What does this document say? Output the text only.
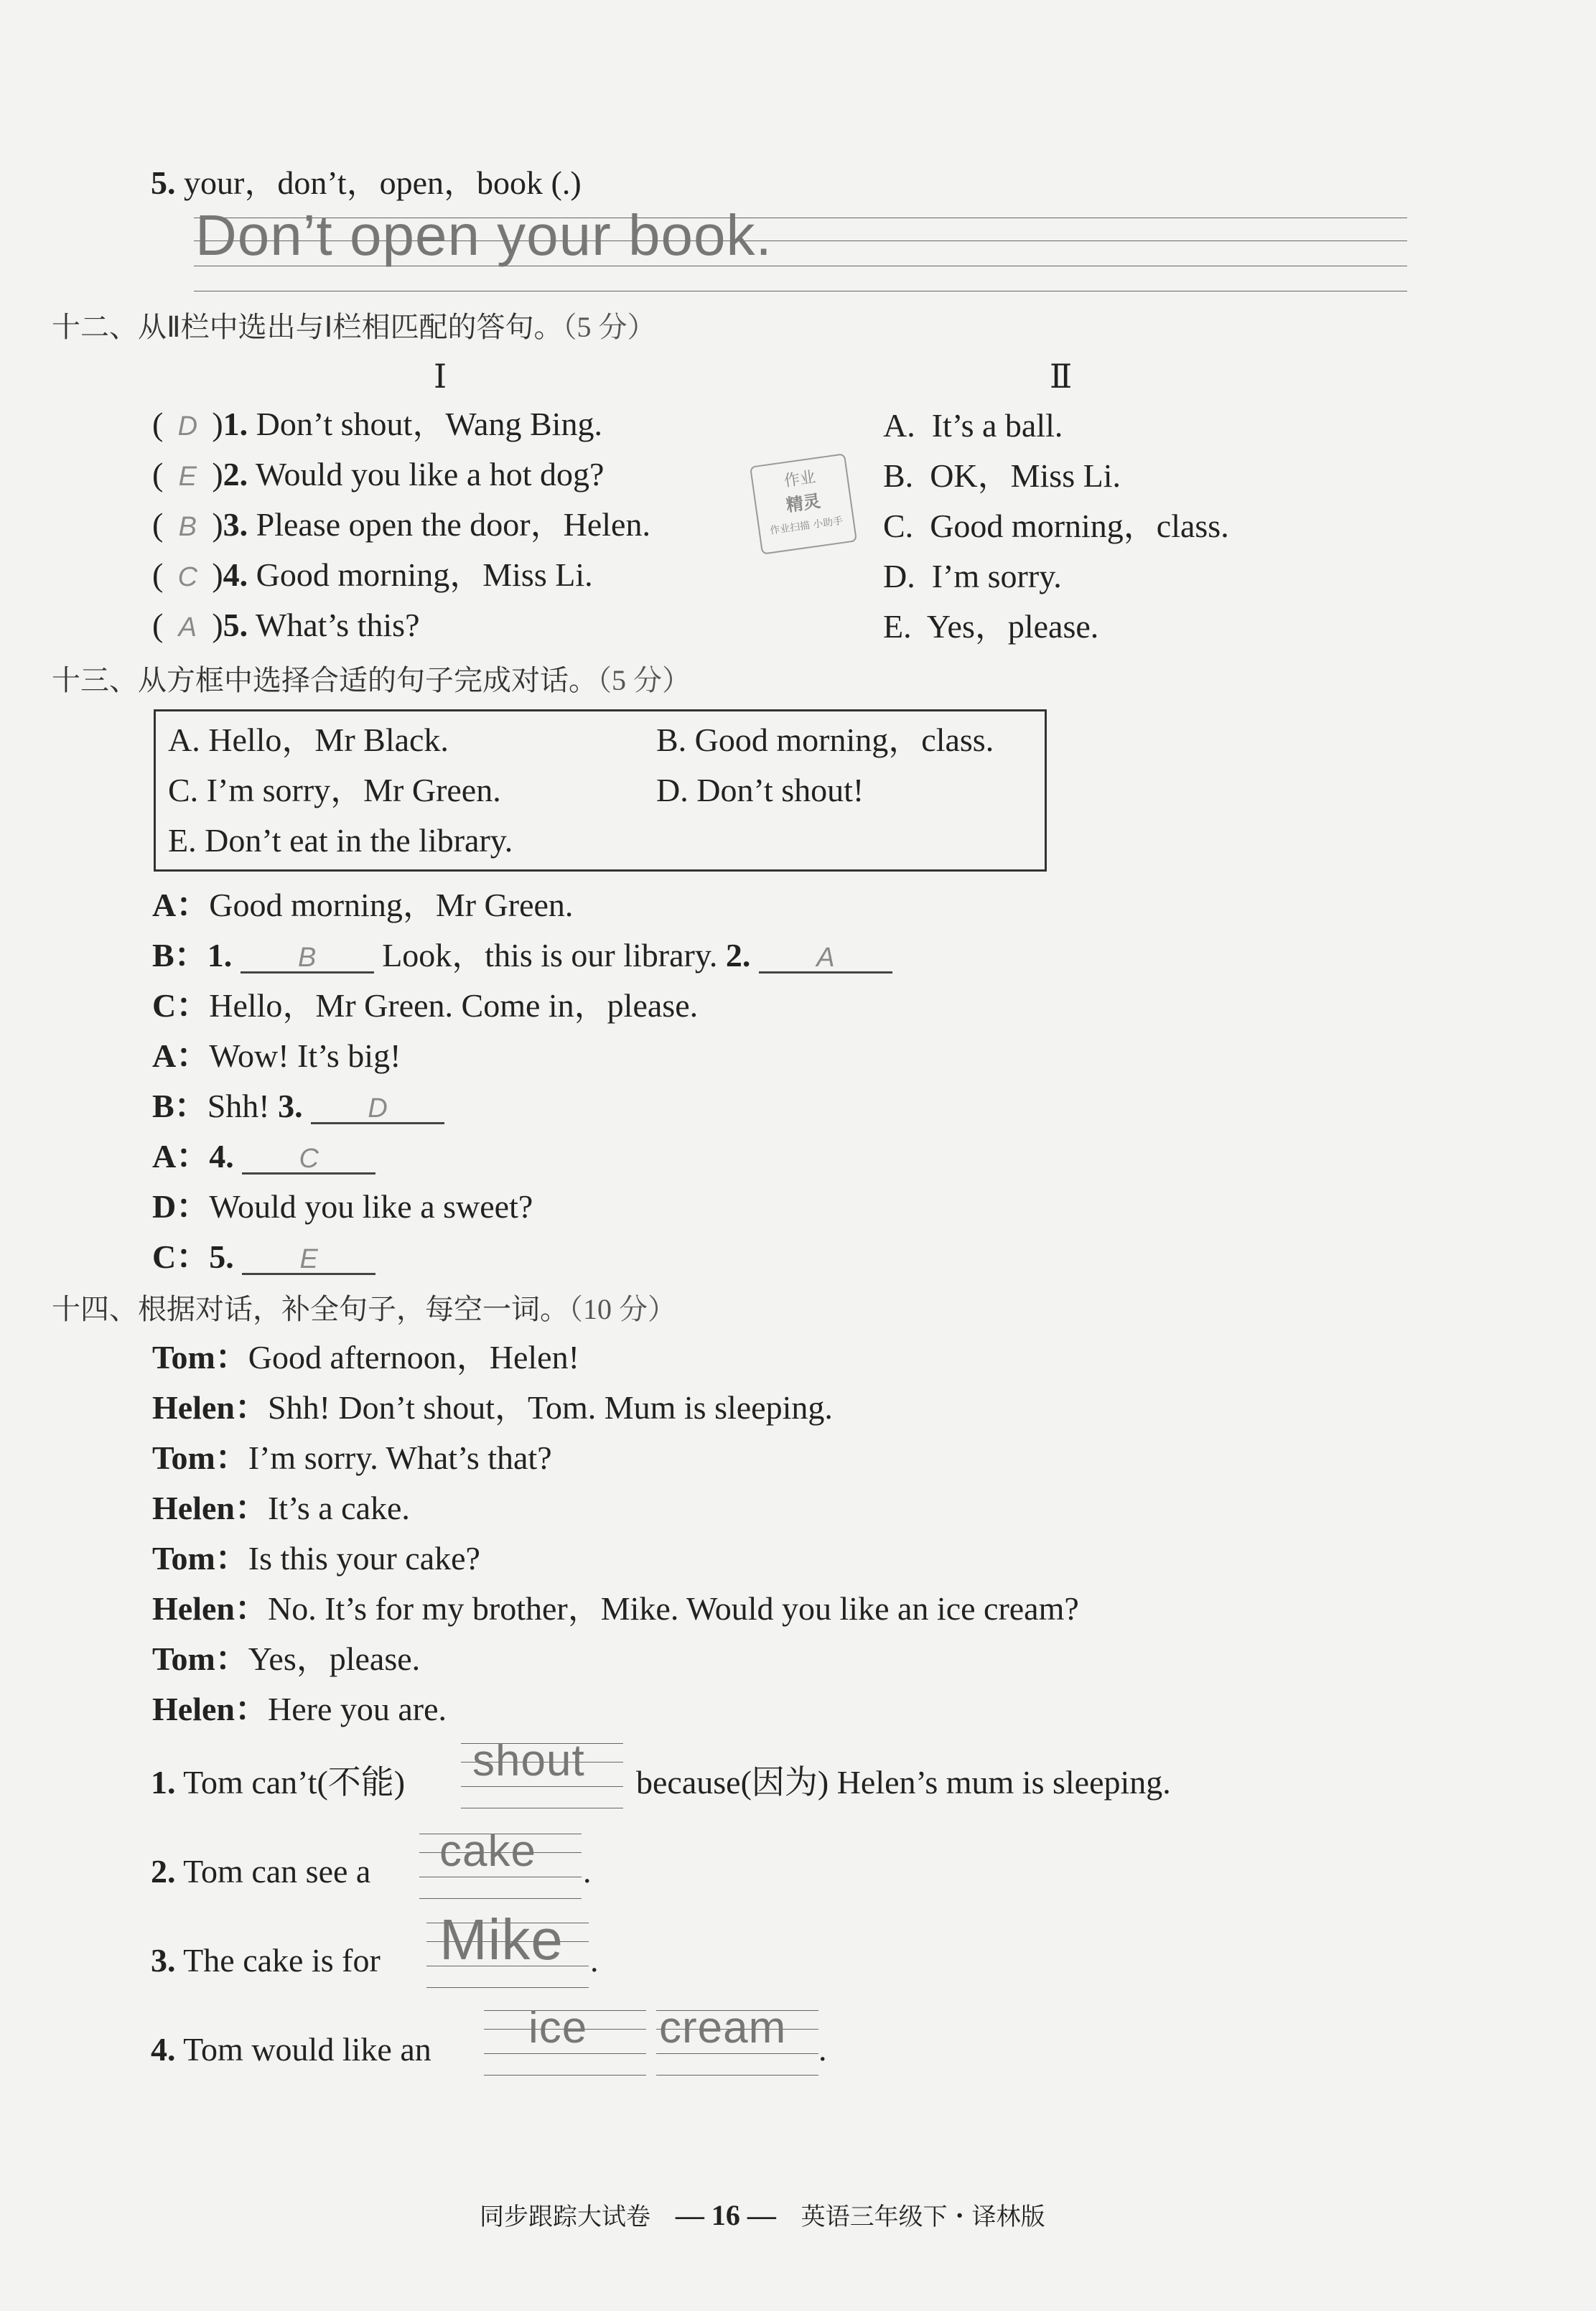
5. your，don’t，open，book (.)
Don’t open your book.
十二、从Ⅱ栏中选出与Ⅰ栏相匹配的答句。（5 分）
Ⅰ	Ⅱ
( D )1. Don’t shout，Wang Bing.
( E )2. Would you like a hot dog?
( B )3. Please open the door，Helen.
( C )4. Good morning，Miss Li.
( A )5. What’s this?
作业
精灵
作业扫描 小助手
A. It’s a ball.
B. OK，Miss Li.
C. Good morning，class.
D. I’m sorry.
E. Yes，please.
十三、从方框中选择合适的句子完成对话。（5 分）
A. Hello，Mr Black.	B. Good morning，class.
C. I’m sorry，Mr Green.	D. Don’t shout!
E. Don’t eat in the library.
A：Good morning，Mr Green.
B：1. B Look，this is our library. 2. A
C：Hello，Mr Green. Come in，please.
A：Wow! It’s big!
B：Shh! 3. D
A：4. C
D：Would you like a sweet?
C：5. E
十四、根据对话，补全句子，每空一词。（10 分）
Tom：Good afternoon，Helen!
Helen：Shh! Don’t shout，Tom. Mum is sleeping.
Tom：I’m sorry. What’s that?
Helen：It’s a cake.
Tom：Is this your cake?
Helen：No. It’s for my brother，Mike. Would you like an ice cream?
Tom：Yes，please.
Helen：Here you are.
1. Tom can’t(不能) shout because(因为) Helen’s mum is sleeping.
2. Tom can see a cake .
3. The cake is for Mike .
4. Tom would like an ice cream .
同步跟踪大试卷 — 16 — 英语三年级下・译林版
